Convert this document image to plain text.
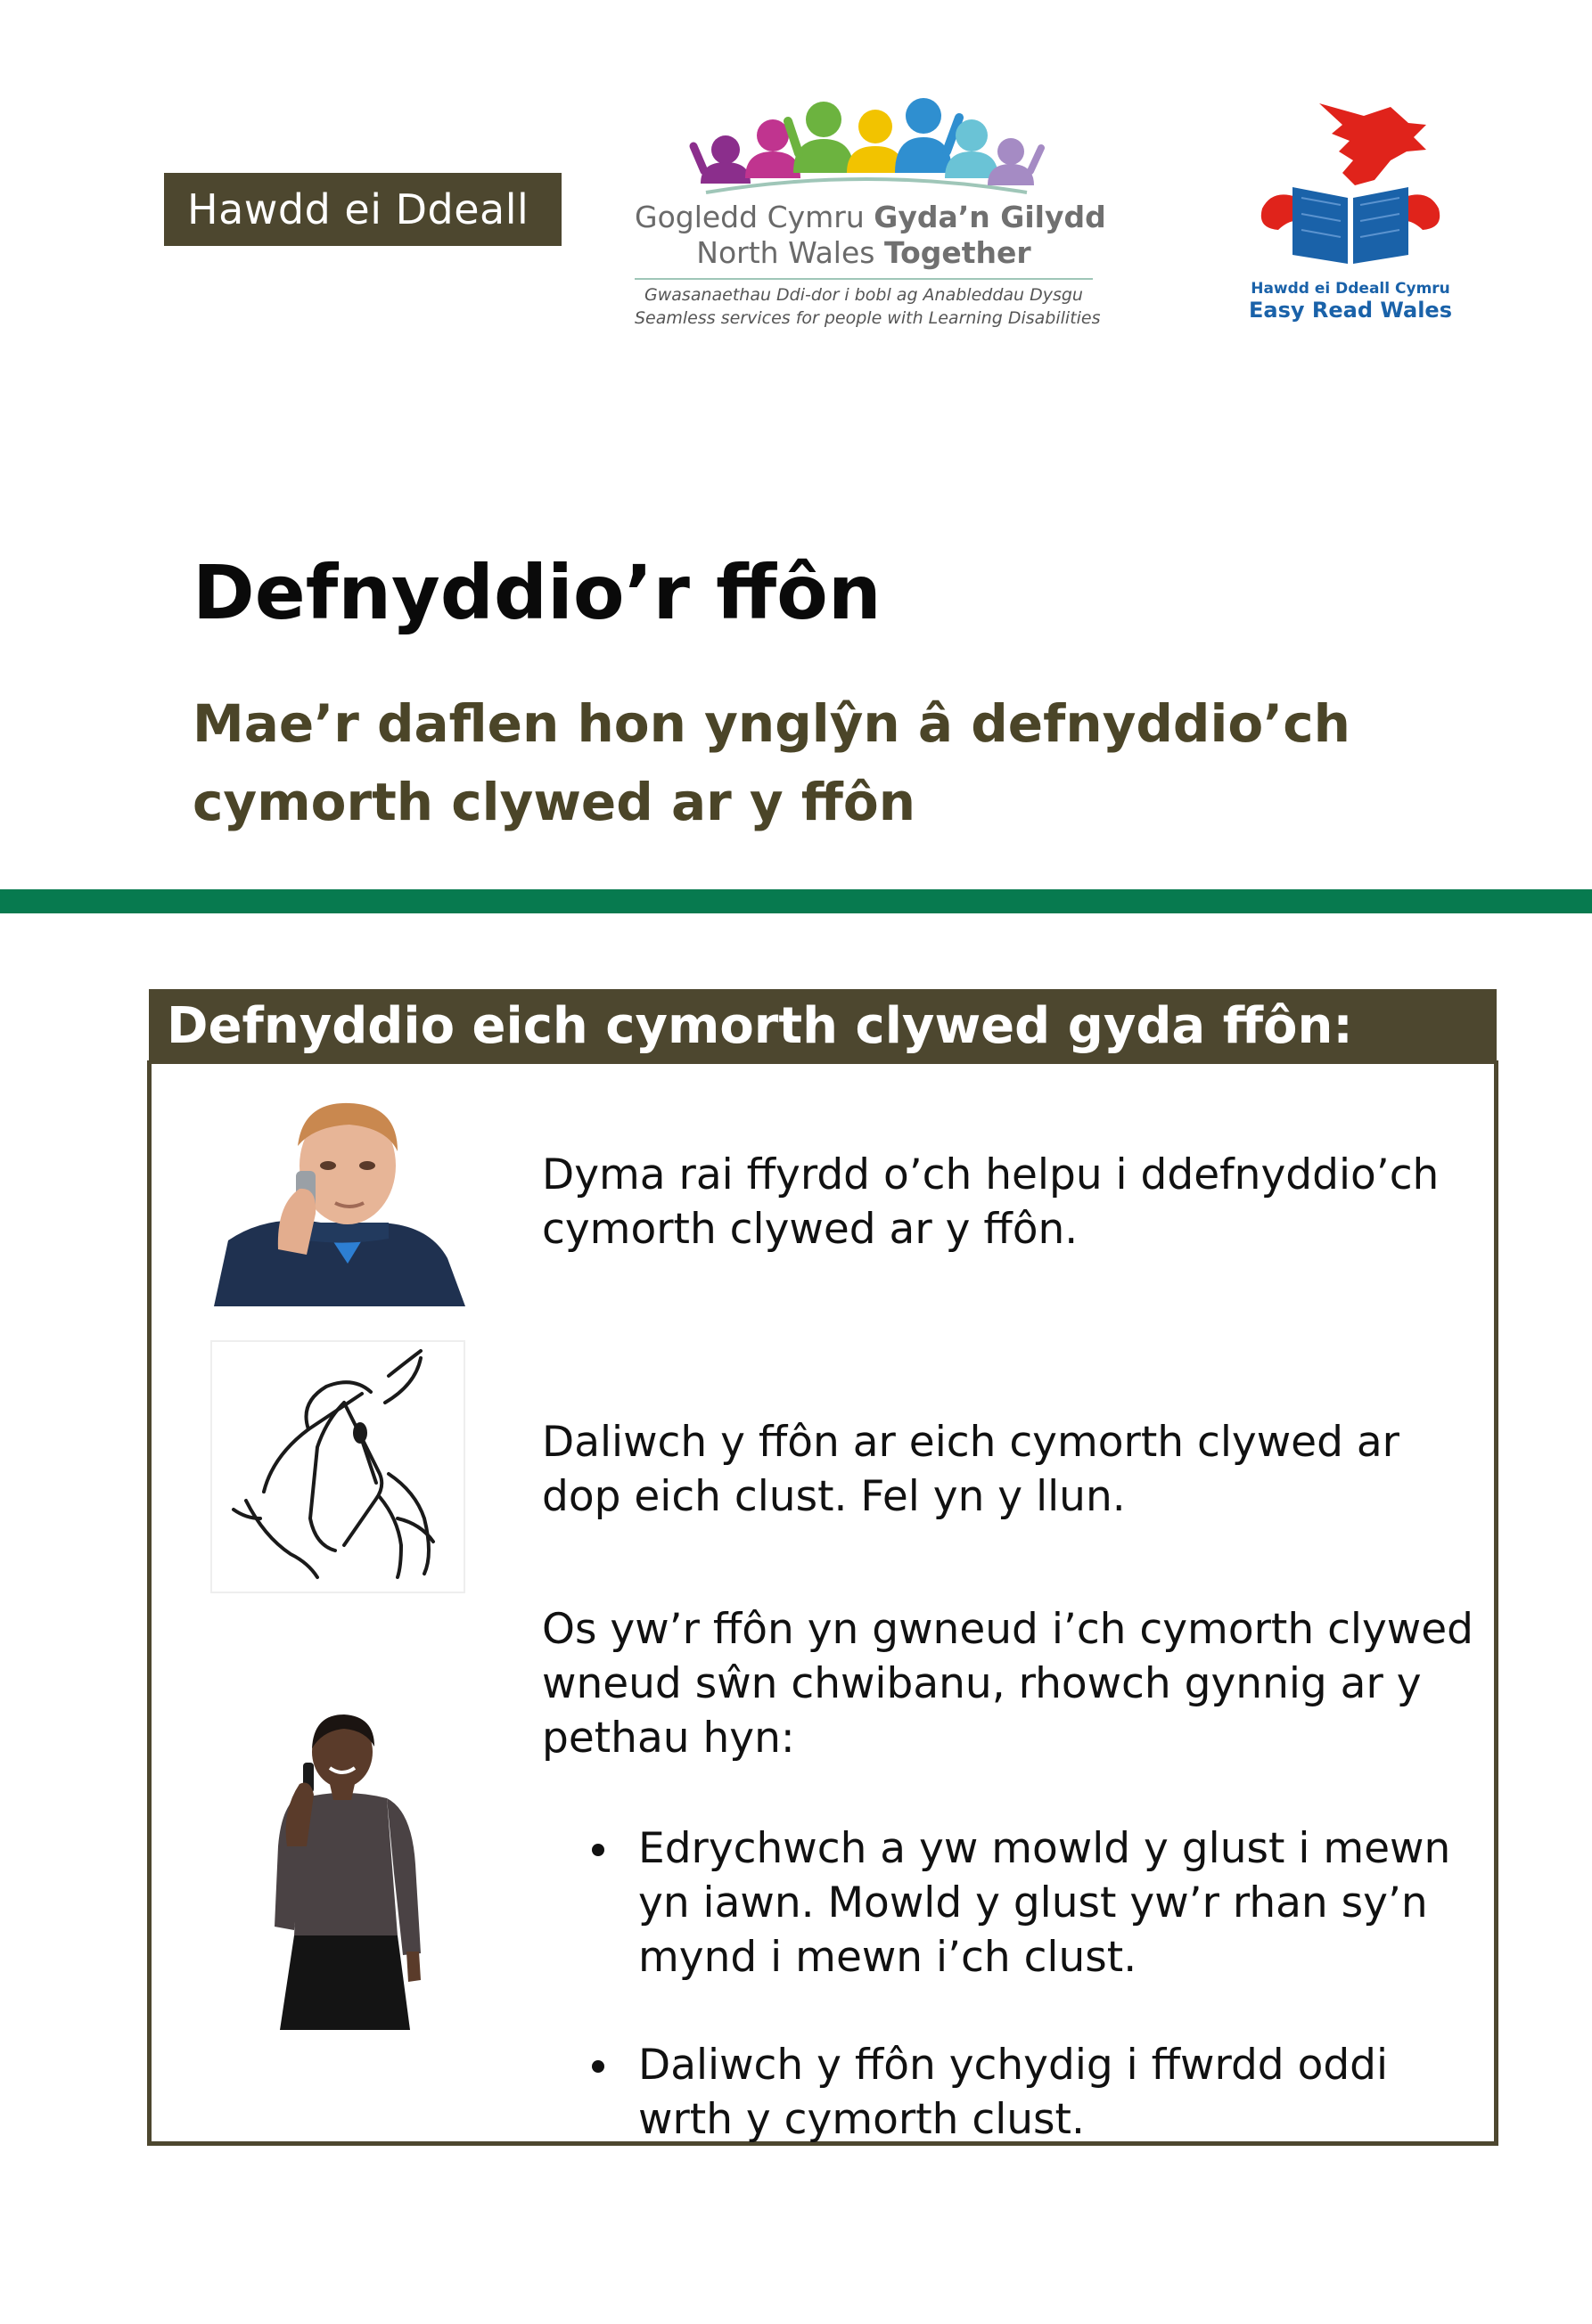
Hawdd ei Ddeall	Gogledd Cymru Gyda’n Gilydd
North Wales Together
Gwasanaethau Ddi-dor i bobl ag Anableddau Dysgu
Seamless services for people with Learning Disabilities
Hawdd ei Ddeall Cymru
Easy Read Wales
Defnyddio’r ffôn
Mae’r daflen hon ynglŷn â defnyddio’ch cymorth clywed ar y ffôn
Defnyddio eich cymorth clywed gyda ffôn:
Dyma rai ffyrdd o’ch helpu i ddefnyddio’ch cymorth clywed ar y ffôn.
Daliwch y ffôn ar eich cymorth clywed ar dop eich clust. Fel yn y llun.
Os yw’r ffôn yn gwneud i’ch cymorth clywed wneud sŵn chwibanu, rhowch gynnig ar y pethau hyn:
Edrychwch a yw mowld y glust i mewn yn iawn. Mowld y glust yw’r rhan sy’n mynd i mewn i’ch clust.
Daliwch y ffôn ychydig i ffwrdd oddi wrth y cymorth clust.
